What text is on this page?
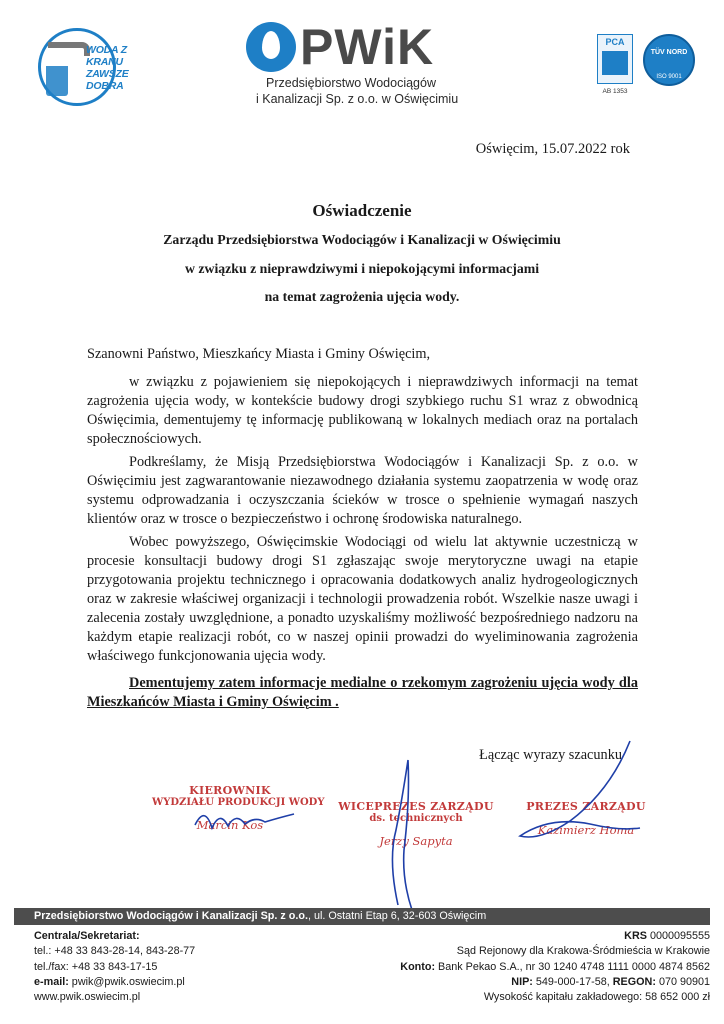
WODA Z KRANU
ZAWSZE DOBRA
PWiK
Przedsiębiorstwo Wodociągów
i Kanalizacji Sp. z o.o. w Oświęcimiu
PCA
AB 1353
TÜV NORD
ISO 9001
Oświęcim, 15.07.2022 rok
Oświadczenie
Zarządu Przedsiębiorstwa Wodociągów i Kanalizacji w Oświęcimiu
w związku z nieprawdziwymi i niepokojącymi informacjami
na temat zagrożenia ujęcia wody.
Szanowni Państwo, Mieszkańcy Miasta i Gminy Oświęcim,
w związku z pojawieniem się niepokojących i nieprawdziwych informacji na temat zagrożenia ujęcia wody, w kontekście budowy drogi szybkiego ruchu S1 wraz z obwodnicą Oświęcimia, dementujemy tę informację publikowaną w lokalnych mediach oraz na portalach społecznościowych.
Podkreślamy, że Misją Przedsiębiorstwa Wodociągów i Kanalizacji Sp. z o.o. w Oświęcimiu jest zagwarantowanie niezawodnego działania systemu zaopatrzenia w wodę oraz systemu odprowadzania i oczyszczania ścieków w trosce o spełnienie wymagań naszych klientów oraz w trosce o bezpieczeństwo i ochronę środowiska naturalnego.
Wobec powyższego, Oświęcimskie Wodociągi od wielu lat aktywnie uczestniczą w procesie konsultacji budowy drogi S1 zgłaszając swoje merytoryczne uwagi na etapie przygotowania projektu technicznego i opracowania dodatkowych analiz hydrogeologicznych oraz w zakresie właściwej organizacji i technologii prowadzenia robót. Wszelkie nasze uwagi i zalecenia zostały uwzględnione, a ponadto uzyskaliśmy możliwość bezpośredniego nadzoru na każdym etapie realizacji robót, co w naszej opinii prowadzi do wyeliminowania zagrożenia właściwego funkcjonowania ujęcia wody.
Dementujemy zatem informacje medialne o rzekomym zagrożeniu ujęcia wody dla Mieszkańców Miasta i Gminy Oświęcim .
Łącząc wyrazy szacunku
KIEROWNIK
WYDZIAŁU PRODUKCJI WODY
Marcin Kos
WICEPREZES ZARZĄDU
ds. technicznych
Jerzy Sapyta
PREZES ZARZĄDU
Kazimierz Homa
Przedsiębiorstwo Wodociągów i Kanalizacji Sp. z o.o., ul. Ostatni Etap 6, 32-603 Oświęcim
Centrala/Sekretariat:
tel.: +48 33 843-28-14, 843-28-77
tel./fax: +48 33 843-17-15
e-mail: pwik@pwik.oswiecim.pl
www.pwik.oswiecim.pl
KRS 0000095555
Sąd Rejonowy dla Krakowa-Śródmieścia w Krakowie
Konto: Bank Pekao S.A., nr 30 1240 4748 1111 0000 4874 8562
NIP: 549-000-17-58, REGON: 070 90901
Wysokość kapitału zakładowego: 58 652 000 zł
